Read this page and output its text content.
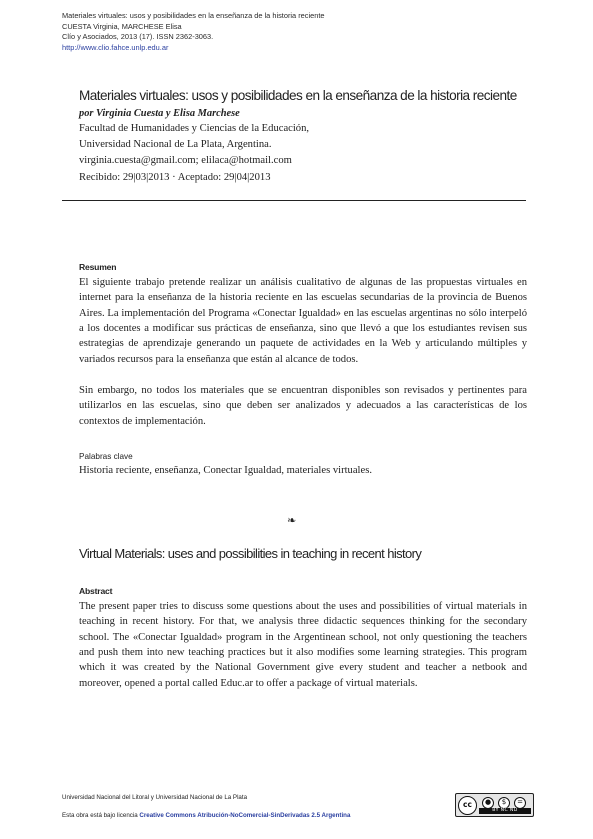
Materiales virtuales: usos y posibilidades en la enseñanza de la historia reciente
CUESTA Virginia, MARCHESE Elisa
Clío y Asociados, 2013 (17). ISSN 2362-3063.
http://www.clio.fahce.unlp.edu.ar
Materiales virtuales: usos y posibilidades en la enseñanza de la historia reciente
por Virginia Cuesta y Elisa Marchese
Facultad de Humanidades y Ciencias de la Educación,
Universidad Nacional de La Plata, Argentina.
virginia.cuesta@gmail.com; elilaca@hotmail.com
Recibido: 29|03|2013 · Aceptado: 29|04|2013
Resumen
El siguiente trabajo pretende realizar un análisis cualitativo de algunas de las propuestas virtuales en internet para la enseñanza de la historia reciente en las escuelas secundarias de la provincia de Buenos Aires. La implementación del Programa «Conectar Igualdad» en las escuelas argentinas no sólo interpeló a los docentes a modificar sus prácticas de enseñanza, sino que llevó a que los estudiantes revisen sus estrategias de aprendizaje generando un paquete de actividades en la Web y articulando múltiples y variados recursos para la enseñanza que están al alcance de todos.
Sin embargo, no todos los materiales que se encuentran disponibles son revisados y pertinentes para utilizarlos en las escuelas, sino que deben ser analizados y adecuados a las características de los contextos de implementación.
Palabras clave
Historia reciente, enseñanza, Conectar Igualdad, materiales virtuales.
❧
Virtual Materials: uses and possibilities in teaching in recent history
Abstract
The present paper tries to discuss some questions about the uses and possibilities of virtual materials in teaching in recent history. For that, we analysis three didactic sequences thinking for the secondary school. The «Conectar Igualdad» program in the Argentinean school, not only questioning the teachers and push them into new teaching practices but it also modifies some learning strategies. This program which it was created by the National Government give every student and teacher a netbook and moreover, opened a portal called Educ.ar to offer a package of virtual materials.
Universidad Nacional del Litoral y Universidad Nacional de La Plata
Esta obra está bajo licencia Creative Commons Atribución-NoComercial-SinDerivadas 2.5 Argentina
cc	●	$	=
BY NC ND
